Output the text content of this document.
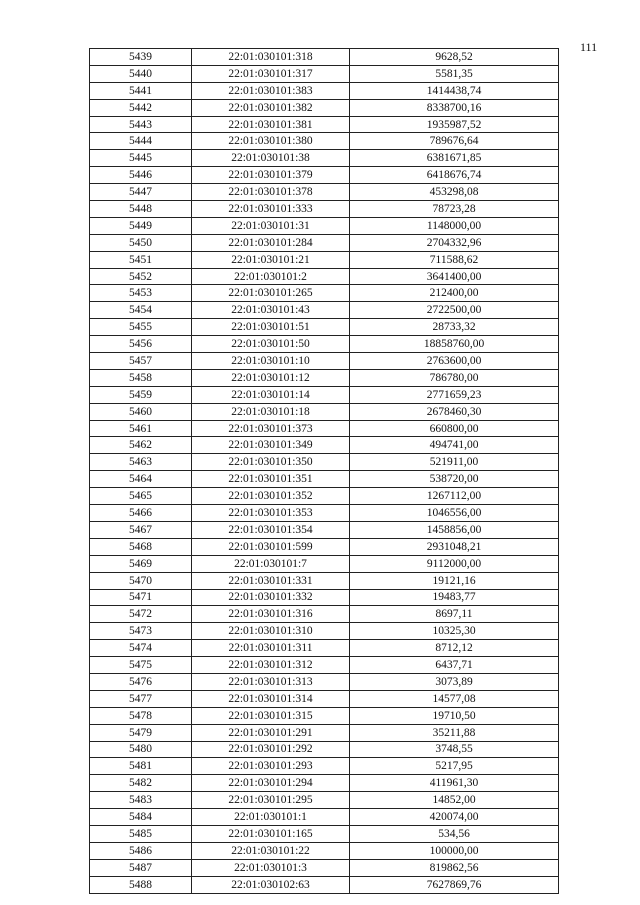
111
5439	22:01:030101:318	9628,52
5440	22:01:030101:317	5581,35
5441	22:01:030101:383	1414438,74
5442	22:01:030101:382	8338700,16
5443	22:01:030101:381	1935987,52
5444	22:01:030101:380	789676,64
5445	22:01:030101:38	6381671,85
5446	22:01:030101:379	6418676,74
5447	22:01:030101:378	453298,08
5448	22:01:030101:333	78723,28
5449	22:01:030101:31	1148000,00
5450	22:01:030101:284	2704332,96
5451	22:01:030101:21	711588,62
5452	22:01:030101:2	3641400,00
5453	22:01:030101:265	212400,00
5454	22:01:030101:43	2722500,00
5455	22:01:030101:51	28733,32
5456	22:01:030101:50	18858760,00
5457	22:01:030101:10	2763600,00
5458	22:01:030101:12	786780,00
5459	22:01:030101:14	2771659,23
5460	22:01:030101:18	2678460,30
5461	22:01:030101:373	660800,00
5462	22:01:030101:349	494741,00
5463	22:01:030101:350	521911,00
5464	22:01:030101:351	538720,00
5465	22:01:030101:352	1267112,00
5466	22:01:030101:353	1046556,00
5467	22:01:030101:354	1458856,00
5468	22:01:030101:599	2931048,21
5469	22:01:030101:7	9112000,00
5470	22:01:030101:331	19121,16
5471	22:01:030101:332	19483,77
5472	22:01:030101:316	8697,11
5473	22:01:030101:310	10325,30
5474	22:01:030101:311	8712,12
5475	22:01:030101:312	6437,71
5476	22:01:030101:313	3073,89
5477	22:01:030101:314	14577,08
5478	22:01:030101:315	19710,50
5479	22:01:030101:291	35211,88
5480	22:01:030101:292	3748,55
5481	22:01:030101:293	5217,95
5482	22:01:030101:294	411961,30
5483	22:01:030101:295	14852,00
5484	22:01:030101:1	420074,00
5485	22:01:030101:165	534,56
5486	22:01:030101:22	100000,00
5487	22:01:030101:3	819862,56
5488	22:01:030102:63	7627869,76
